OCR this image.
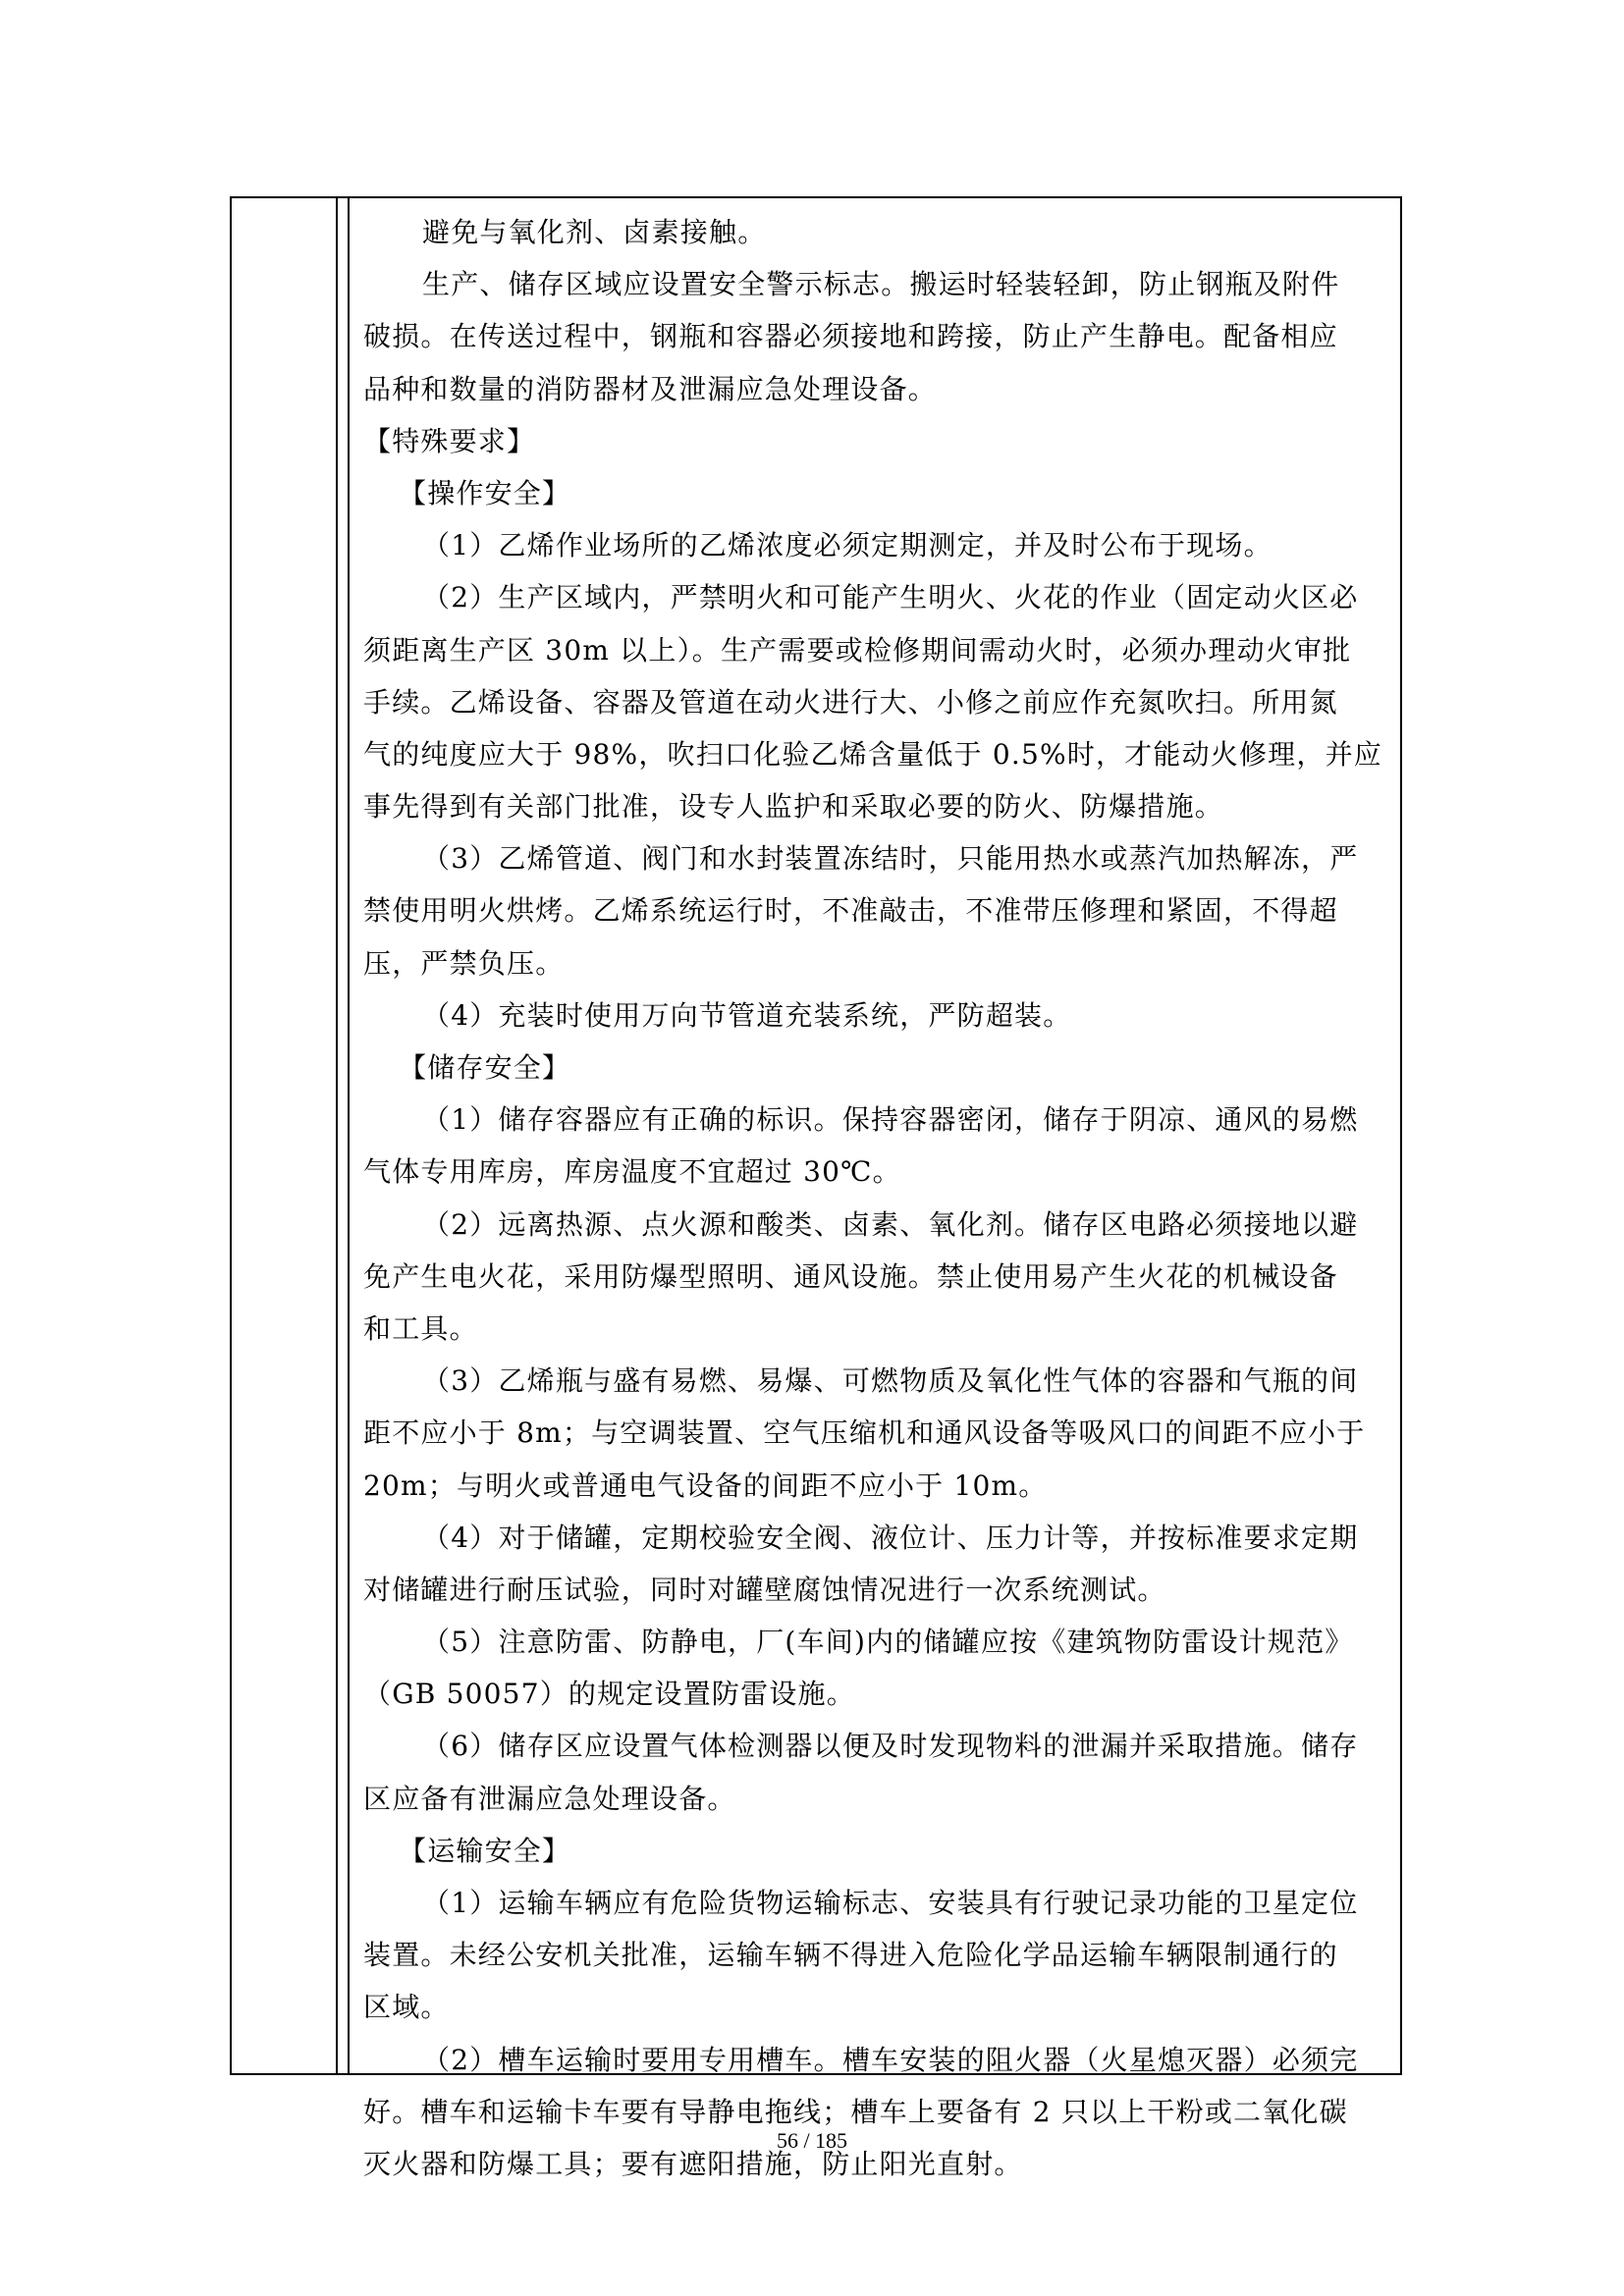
避免与氧化剂、卤素接触。
生产、储存区域应设置安全警示标志。搬运时轻装轻卸，防止钢瓶及附件
破损。在传送过程中，钢瓶和容器必须接地和跨接，防止产生静电。配备相应
品种和数量的消防器材及泄漏应急处理设备。
【特殊要求】
【操作安全】
（1）乙烯作业场所的乙烯浓度必须定期测定，并及时公布于现场。
（2）生产区域内，严禁明火和可能产生明火、火花的作业（固定动火区必
须距离生产区 30m 以上）。生产需要或检修期间需动火时，必须办理动火审批
手续。乙烯设备、容器及管道在动火进行大、小修之前应作充氮吹扫。所用氮
气的纯度应大于 98%，吹扫口化验乙烯含量低于 0.5%时，才能动火修理，并应
事先得到有关部门批准，设专人监护和采取必要的防火、防爆措施。
（3）乙烯管道、阀门和水封装置冻结时，只能用热水或蒸汽加热解冻，严
禁使用明火烘烤。乙烯系统运行时，不准敲击，不准带压修理和紧固，不得超
压，严禁负压。
（4）充装时使用万向节管道充装系统，严防超装。
【储存安全】
（1）储存容器应有正确的标识。保持容器密闭，储存于阴凉、通风的易燃
气体专用库房，库房温度不宜超过 30℃。
（2）远离热源、点火源和酸类、卤素、氧化剂。储存区电路必须接地以避
免产生电火花，采用防爆型照明、通风设施。禁止使用易产生火花的机械设备
和工具。
（3）乙烯瓶与盛有易燃、易爆、可燃物质及氧化性气体的容器和气瓶的间
距不应小于 8m；与空调装置、空气压缩机和通风设备等吸风口的间距不应小于
20m；与明火或普通电气设备的间距不应小于 10m。
（4）对于储罐，定期校验安全阀、液位计、压力计等，并按标准要求定期
对储罐进行耐压试验，同时对罐壁腐蚀情况进行一次系统测试。
（5）注意防雷、防静电，厂(车间)内的储罐应按《建筑物防雷设计规范》
（GB 50057）的规定设置防雷设施。
（6）储存区应设置气体检测器以便及时发现物料的泄漏并采取措施。储存
区应备有泄漏应急处理设备。
【运输安全】
（1）运输车辆应有危险货物运输标志、安装具有行驶记录功能的卫星定位
装置。未经公安机关批准，运输车辆不得进入危险化学品运输车辆限制通行的
区域。
（2）槽车运输时要用专用槽车。槽车安装的阻火器（火星熄灭器）必须完
好。槽车和运输卡车要有导静电拖线；槽车上要备有 2 只以上干粉或二氧化碳
灭火器和防爆工具；要有遮阳措施，防止阳光直射。
56 / 185
